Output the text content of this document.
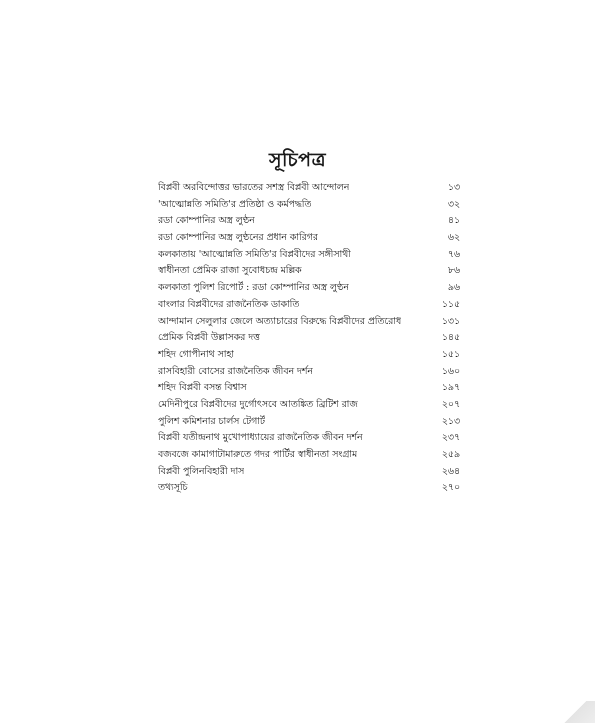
সূচিপত্র
বিপ্লবী অরবিন্দোত্তর ভারতের সশস্ত্র বিপ্লবী আন্দোলন	১৩
'আত্মোন্নতি সমিতি'র প্রতিষ্ঠা ও কর্মপদ্ধতি	৩২
রডা কোম্পানির অস্ত্র লুণ্ঠন	৪১
রডা কোম্পানির অস্ত্র লুণ্ঠনের প্রধান কারিগর	৬২
কলকাতায় 'আত্মোন্নতি সমিতি'র বিপ্লবীদের সঙ্গীসাথী	৭৬
স্বাধীনতা প্রেমিক রাজা সুবোধচন্দ্র মল্লিক	৮৬
কলকাতা পুলিশ রিপোর্ট : রডা কোম্পানির অস্ত্র লুণ্ঠন	৯৬
বাংলার বিপ্লবীদের রাজনৈতিক ডাকাতি	১১৫
আন্দামান সেলুলার জেলে অত্যাচারের বিরুদ্ধে বিপ্লবীদের প্রতিরোধ	১৩১
প্রেমিক বিপ্লবী উল্লাসকর দত্ত	১৪৫
শহিদ গোপীনাথ সাহা	১৫১
রাসবিহারী বোসের রাজনৈতিক জীবন দর্শন	১৬০
শহিদ বিপ্লবী বসন্ত বিশ্বাস	১৯৭
মেদিনীপুরে বিপ্লবীদের দুর্গোৎসবে আতঙ্কিত ব্রিটিশ রাজ	২০৭
পুলিশ কমিশনার চার্লস টেগার্ট	২১৩
বিপ্লবী যতীন্দ্রনাথ মুখোপাধ্যায়ের রাজনৈতিক জীবন দর্শন	২৩৭
বজবজে কামাগাটামারুতে গদর পার্টির স্বাধীনতা সংগ্রাম	২৫৯
বিপ্লবী পুলিনবিহারী দাস	২৬৪
তথ্যসূচি	২৭০
